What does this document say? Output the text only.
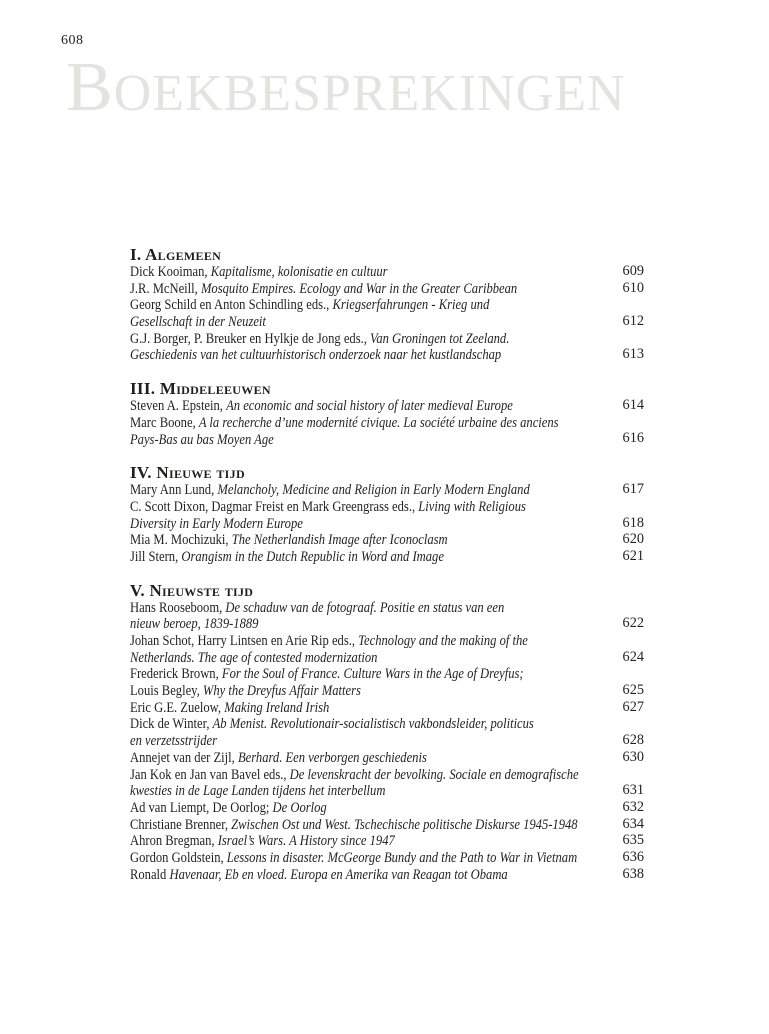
608
BOEKBESPREKINGEN
I. Algemeen
Dick Kooiman, Kapitalisme, kolonisatie en cultuur	609
J.R. McNeill, Mosquito Empires. Ecology and War in the Greater Caribbean	610
Georg Schild en Anton Schindling eds., Kriegserfahrungen - Krieg und
Gesellschaft in der Neuzeit	612
G.J. Borger, P. Breuker en Hylkje de Jong eds., Van Groningen tot Zeeland.
Geschiedenis van het cultuurhistorisch onderzoek naar het kustlandschap	613
III. Middeleeuwen
Steven A. Epstein, An economic and social history of later medieval Europe	614
Marc Boone, A la recherche d’une modernité civique. La société urbaine des anciens
Pays-Bas au bas Moyen Age	616
IV. Nieuwe tijd
Mary Ann Lund, Melancholy, Medicine and Religion in Early Modern England	617
C. Scott Dixon, Dagmar Freist en Mark Greengrass eds., Living with Religious
Diversity in Early Modern Europe	618
Mia M. Mochizuki, The Netherlandish Image after Iconoclasm	620
Jill Stern, Orangism in the Dutch Republic in Word and Image	621
V. Nieuwste tijd
Hans Rooseboom, De schaduw van de fotograaf. Positie en status van een
nieuw beroep, 1839-1889	622
Johan Schot, Harry Lintsen en Arie Rip eds., Technology and the making of the
Netherlands. The age of contested modernization	624
Frederick Brown, For the Soul of France. Culture Wars in the Age of Dreyfus;
Louis Begley, Why the Dreyfus Affair Matters	625
Eric G.E. Zuelow, Making Ireland Irish	627
Dick de Winter, Ab Menist. Revolutionair-socialistisch vakbondsleider, politicus
en verzetsstrijder	628
Annejet van der Zijl, Berhard. Een verborgen geschiedenis	630
Jan Kok en Jan van Bavel eds., De levenskracht der bevolking. Sociale en demografische
kwesties in de Lage Landen tijdens het interbellum	631
Ad van Liempt, De Oorlog; De Oorlog	632
Christiane Brenner, Zwischen Ost und West. Tschechische politische Diskurse 1945-1948	634
Ahron Bregman, Israel’s Wars. A History since 1947	635
Gordon Goldstein, Lessons in disaster. McGeorge Bundy and the Path to War in Vietnam	636
Ronald Havenaar, Eb en vloed. Europa en Amerika van Reagan tot Obama	638
